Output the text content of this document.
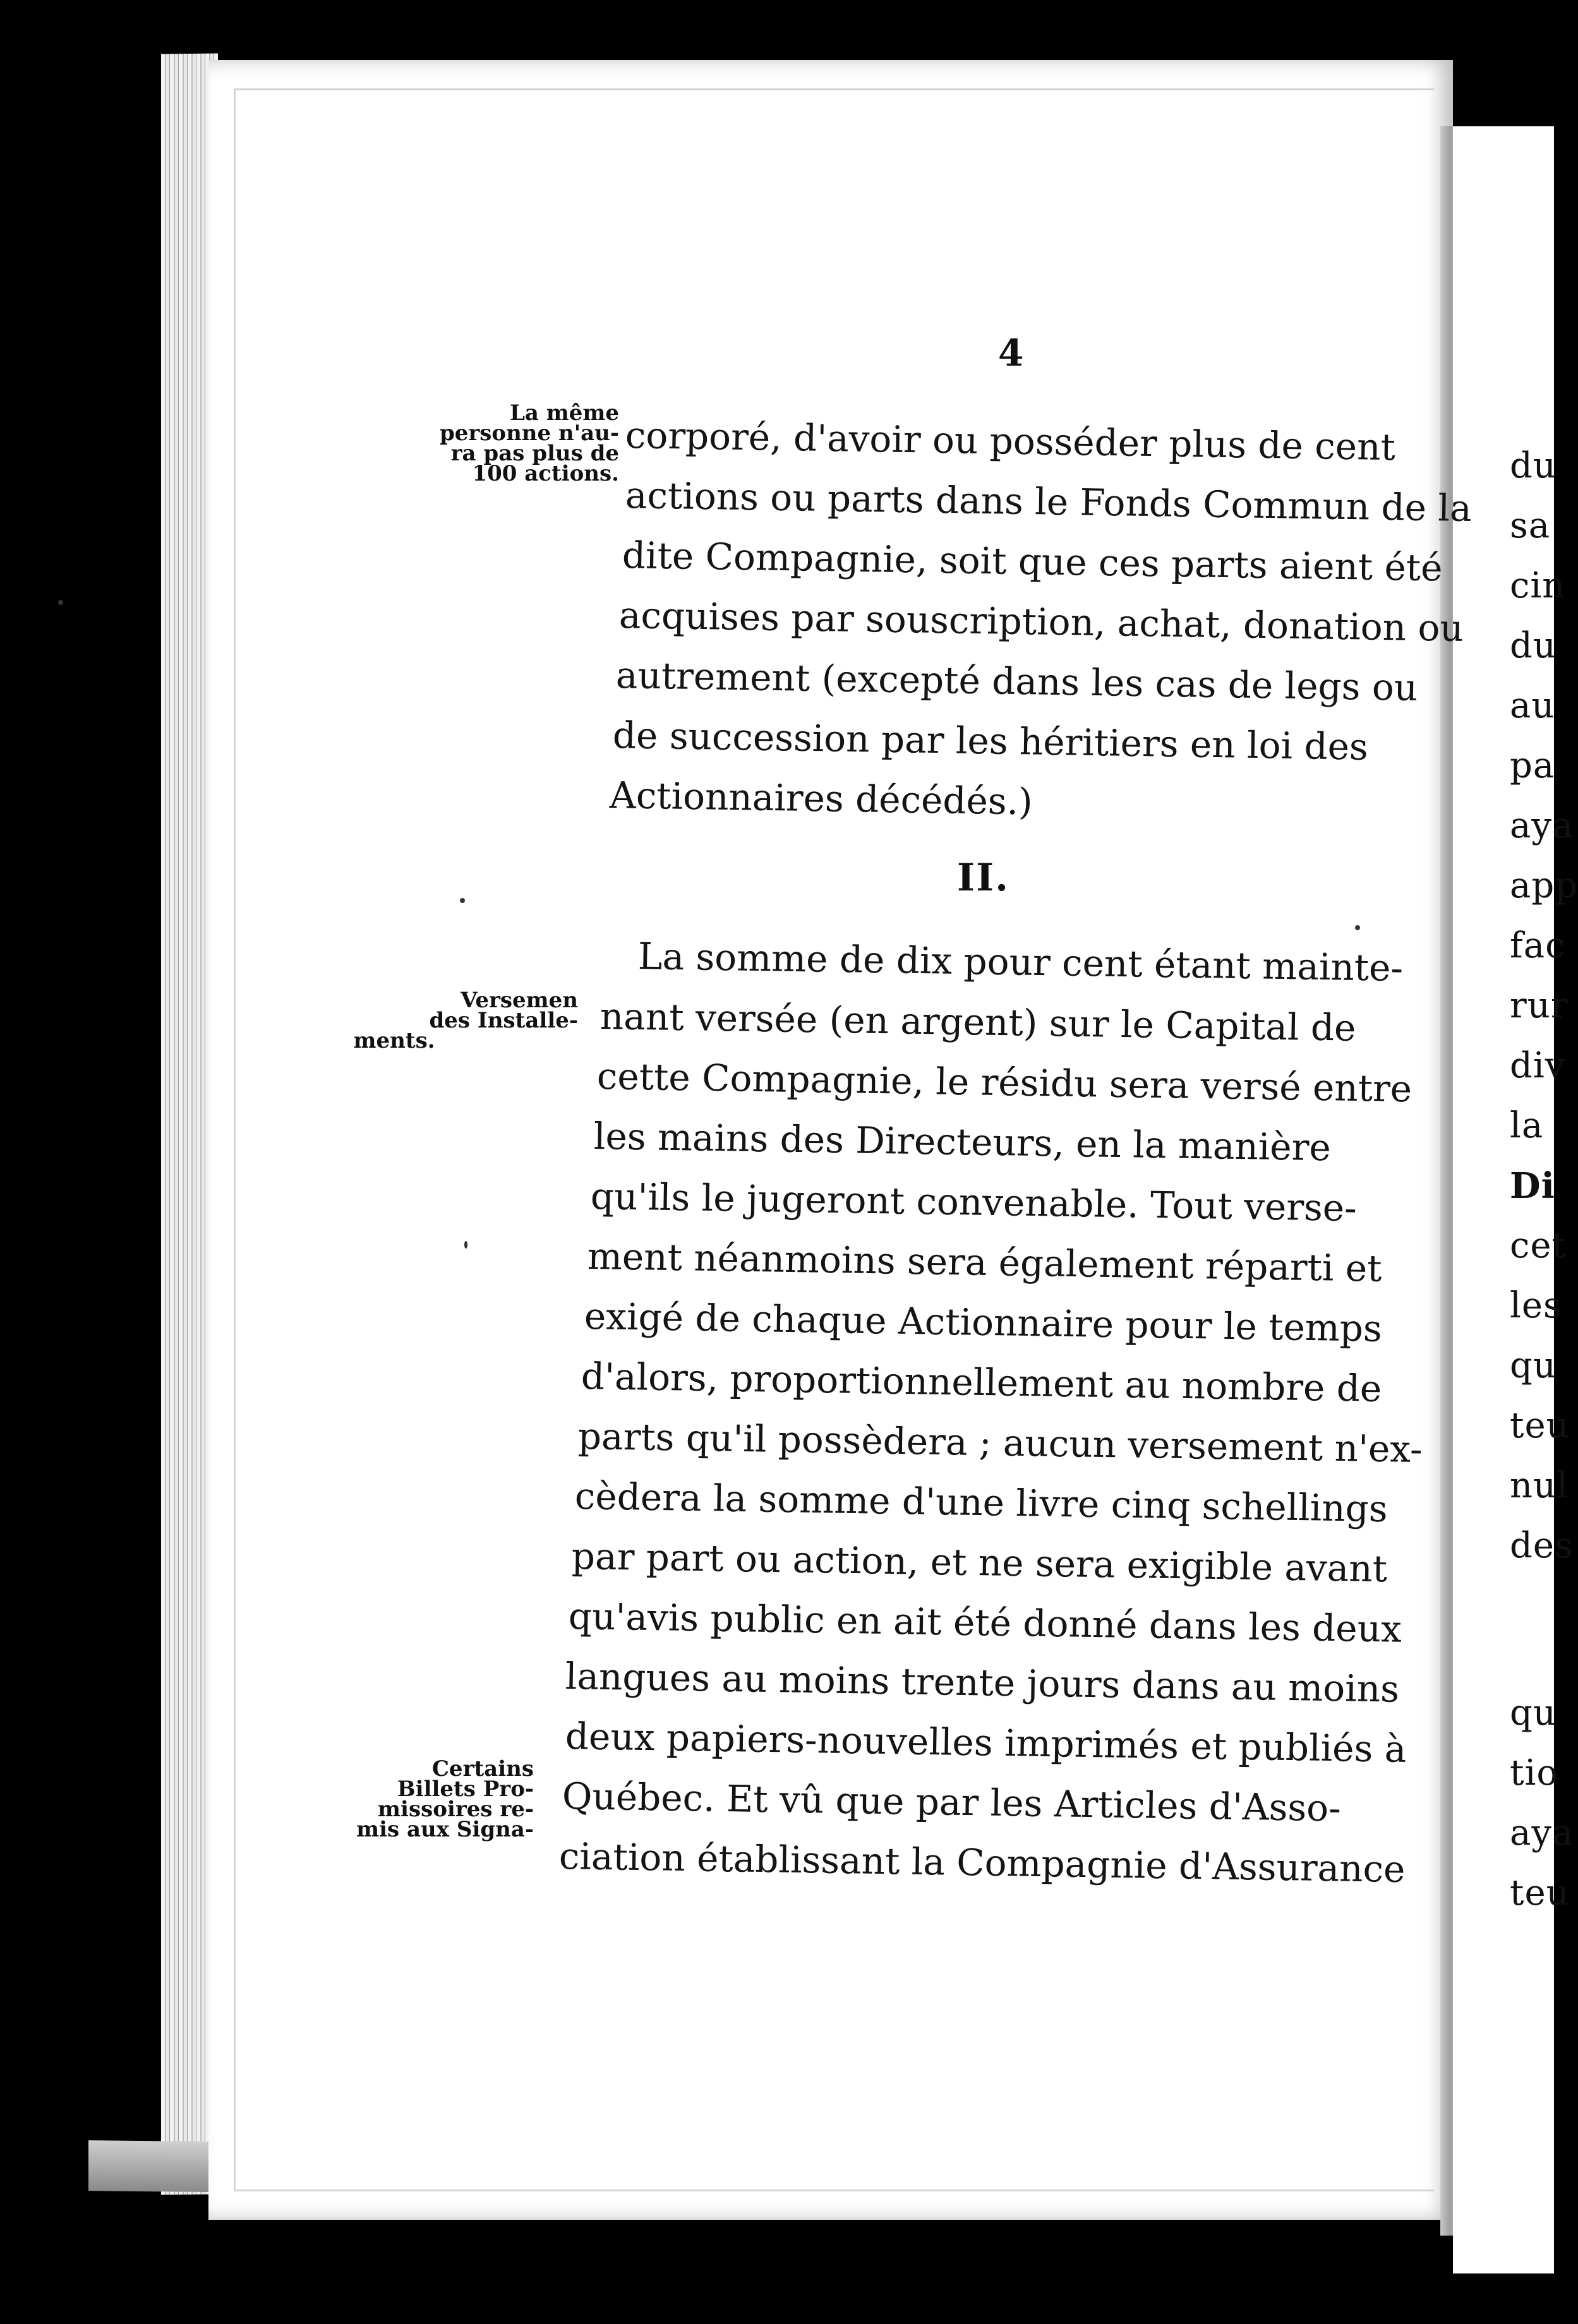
4
II.
La même
personne n'au-
ra pas plus de
100 actions.
Versemen
des Installe-
ments.
Certains
Billets Pro-
missoires re-
mis aux Signa-
corporé, d'avoir ou posséder plus de cent
actions ou parts dans le Fonds Commun de la
dite Compagnie, soit que ces parts aient été
acquises par souscription, achat, donation ou
autrement (excepté dans les cas de legs ou
de succession par les héritiers en loi des
Actionnaires décédés.)
La somme de dix pour cent étant mainte-
nant versée (en argent) sur le Capital de
cette Compagnie, le résidu sera versé entre
les mains des Directeurs, en la manière
qu'ils le jugeront convenable. Tout verse-
ment néanmoins sera également réparti et
exigé de chaque Actionnaire pour le temps
d'alors, proportionnellement au nombre de
parts qu'il possèdera ; aucun versement n'ex-
cèdera la somme d'une livre cinq schellings
par part ou action, et ne sera exigible avant
qu'avis public en ait été donné dans les deux
langues au moins trente jours dans au moins
deux papiers-nouvelles imprimés et publiés à
Québec. Et vû que par les Articles d'Asso-
ciation établissant la Compagnie d'Assurance
du
sa
cin
du
au
pa
aya
app
fac
rur
div
la
Di
cet
les
qu
teu
nul
des
qu
tio
aya
teu
